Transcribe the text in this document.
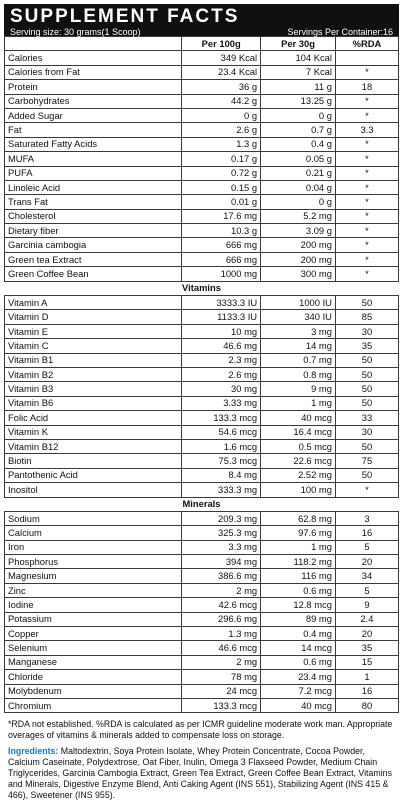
SUPPLEMENT FACTS
Serving size: 30 grams(1 Scoop)	Servings Per Container:16
	Per 100g	Per 30g	%RDA
Calories	349 Kcal	104 Kcal	
Calories from Fat	23.4 Kcal	7 Kcal	*
Protein	36 g	11 g	18
Carbohydrates	44.2 g	13.25 g	*
Added Sugar	0 g	0 g	*
Fat	2.6 g	0.7 g	3.3
Saturated Fatty Acids	1.3 g	0.4 g	*
MUFA	0.17 g	0.05 g	*
PUFA	0.72 g	0.21 g	*
Linoleic Acid	0.15 g	0.04 g	*
Trans Fat	0.01 g	0 g	*
Cholesterol	17.6 mg	5.2 mg	*
Dietary fiber	10.3 g	3.09 g	*
Garcinia cambogia	666 mg	200 mg	*
Green tea Extract	666 mg	200 mg	*
Green Coffee Bean	1000 mg	300 mg	*
Vitamins			
Vitamin A	3333.3 IU	1000 IU	50
Vitamin D	1133.3 IU	340 IU	85
Vitamin E	10 mg	3 mg	30
Vitamin C	46.6 mg	14 mg	35
Vitamin B1	2.3 mg	0.7 mg	50
Vitamin B2	2.6 mg	0.8 mg	50
Vitamin B3	30 mg	9 mg	50
Vitamin B6	3.33 mg	1 mg	50
Folic Acid	133.3 mcg	40 mcg	33
Vitamin K	54.6 mcg	16.4 mcg	30
Vitamin B12	1.6 mcg	0.5 mcg	50
Biotin	75.3 mcg	22.6 mcg	75
Pantothenic Acid	8.4 mg	2.52 mg	50
Inositol	333.3 mg	100 mg	*
Minerals			
Sodium	209.3 mg	62.8 mg	3
Calcium	325.3 mg	97.6 mg	16
Iron	3.3 mg	1 mg	5
Phosphorus	394 mg	118.2 mg	20
Magnesium	386.6 mg	116 mg	34
Zinc	2 mg	0.6 mg	5
Iodine	42.6 mcg	12.8 mcg	9
Potassium	296.6 mg	89 mg	2.4
Copper	1.3 mg	0.4 mg	20
Selenium	46.6 mcg	14 mcg	35
Manganese	2 mg	0.6 mg	15
Chloride	78 mg	23.4 mg	1
Molybdenum	24 mcg	7.2 mcg	16
Chromium	133.3 mcg	40 mcg	80

*RDA not established. %RDA is calculated as per ICMR guideline moderate work man. Appropriate overages of vitamins & minerals added to compensate loss on storage.

Ingredients: Maltodextrin, Soya Protein Isolate, Whey Protein Concentrate, Cocoa Powder, Calcium Caseinate, Polydextrose, Oat Fiber, Inulin, Omega 3 Flaxseed Powder, Medium Chain Triglycerides, Garcinia Cambogia Extract, Green Tea Extract, Green Coffee Bean Extract, Vitamins and Minerals, Digestive Enzyme Blend, Anti Caking Agent (INS 551), Stabilizing Agent (INS 415 & 466), Sweetener (INS 955).
